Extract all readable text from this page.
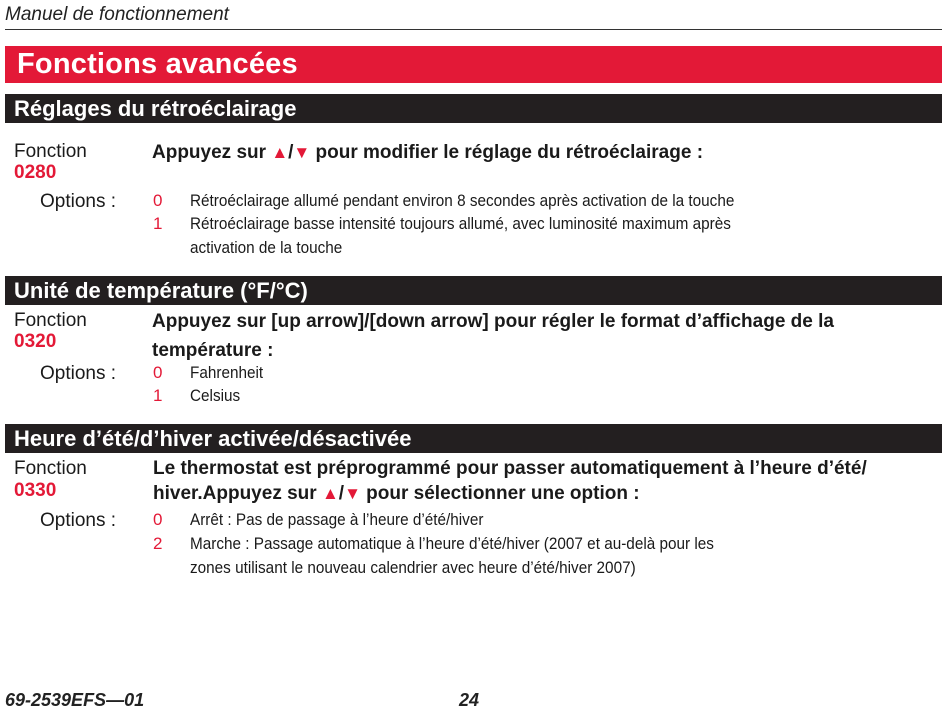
Manuel de fonctionnement
Fonctions avancées
Réglages du rétroéclairage
Fonction
0280
Appuyez sur ▲/▼ pour modifier le réglage du rétroéclairage :
Options : 0 Rétroéclairage allumé pendant environ 8 secondes après activation de la touche
1 Rétroéclairage basse intensité toujours allumé, avec luminosité maximum après
activation de la touche
Unité de température (°F/°C)
Fonction
0320
Appuyez sur [up arrow]/[down arrow] pour régler le format d’affichage de la
température :
Options : 0 Fahrenheit
1 Celsius
Heure d’été/d’hiver activée/désactivée
Fonction
0330
Le thermostat est préprogrammé pour passer automatiquement à l’heure d’été/
hiver.Appuyez sur ▲/▼ pour sélectionner une option :
Options : 0 Arrêt : Pas de passage à l’heure d’été/hiver
2 Marche : Passage automatique à l’heure d’été/hiver (2007 et au-delà pour les
zones utilisant le nouveau calendrier avec heure d’été/hiver 2007)
69-2539EFS—01	24
